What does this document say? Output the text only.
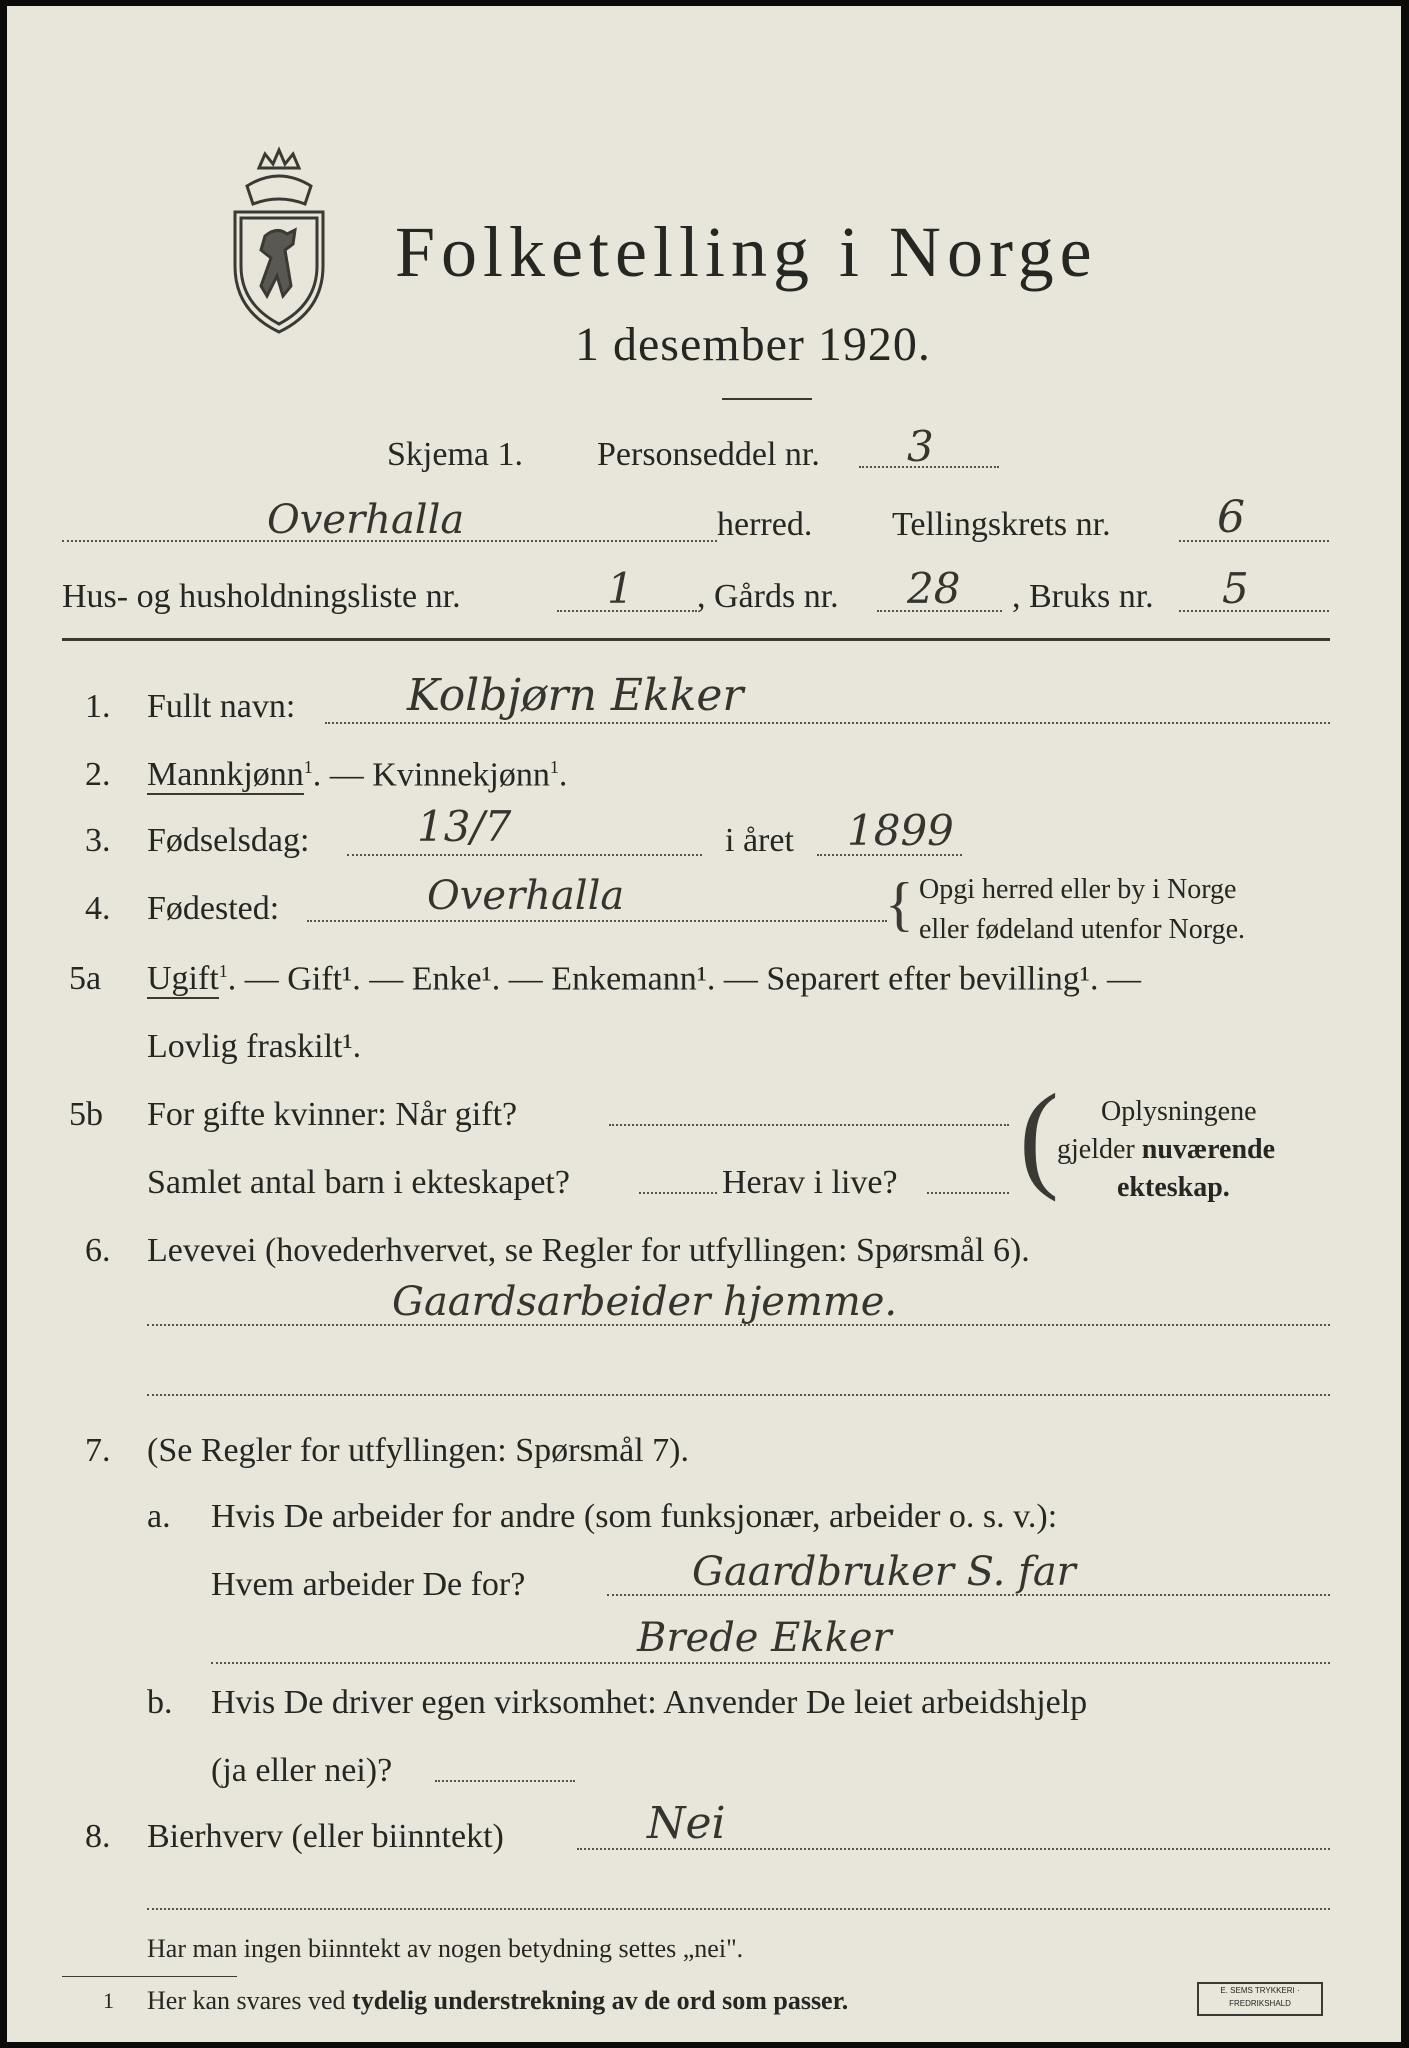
Folketelling i Norge
1 desember 1920.
Skjema 1. Personseddel nr. 3
Overhalla	herred. Tellingskrets nr. 6
Hus- og husholdningsliste nr.	1 , Gårds nr. 28 , Bruks nr. 5
1. Fullt navn:	Kolbjørn Ekker
2. Mannkjønn$^1$. — Kvinnekjønn$^1$.
3. Fødselsdag:	13/7	i året 1899
4. Fødested:	Overhalla	{ Opgi herred eller by i Norge
eller fødeland utenfor Norge.
5a Ugift$^1$. — Gift¹. — Enke¹. — Enkemann¹. — Separert efter bevilling¹. —
Lovlig fraskilt¹.
5b For gifte kvinner: Når gift?
Samlet antal barn i ekteskapet?	Herav i live? ( Oplysningene
gjelder nuværende
ekteskap.
6. Levevei (hovederhvervet, se Regler for utfyllingen: Spørsmål 6).
Gaardsarbeider hjemme.
7. (Se Regler for utfyllingen: Spørsmål 7).
a. Hvis De arbeider for andre (som funksjonær, arbeider o. s. v.):
Hvem arbeider De for?	Gaardbruker S. far
Brede Ekker
b. Hvis De driver egen virksomhet: Anvender De leiet arbeidshjelp
(ja eller nei)?
8. Bierhverv (eller biinntekt)	Nei
Har man ingen biinntekt av nogen betydning settes „nei".
1 Her kan svares ved tydelig understrekning av de ord som passer.	E. SEMS TRYKKERI · FREDRIKSHALD
